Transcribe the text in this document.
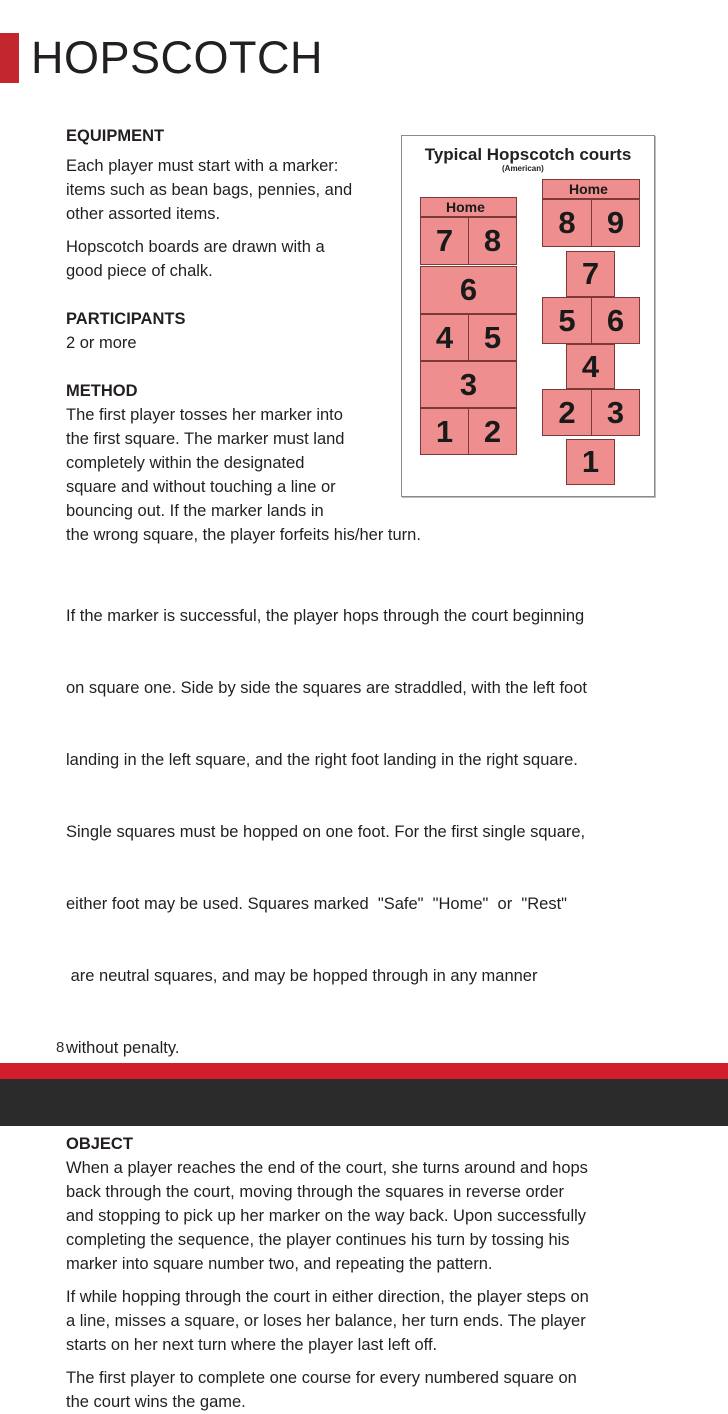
HOPSCOTCH

EQUIPMENT

Each player must start with a marker:
items such as bean bags, pennies, and
other assorted items.
Hopscotch boards are drawn with a
good piece of chalk.

PARTICIPANTS

2 or more

METHOD

The first player tosses her marker into
the first square. The marker must land
completely within the designated
square and without touching a line or
bouncing out. If the marker lands in
the wrong square, the player forfeits his/her turn.

If the marker is successful, the player hops through the court beginning

on square one. Side by side the squares are straddled, with the left foot

landing in the left square, and the right foot landing in the right square.

Single squares must be hopped on one foot. For the first single square,

either foot may be used. Squares marked  "Safe"  "Home"  or  "Rest"

are neutral squares, and may be hopped through in any manner

without penalty.

OBJECT

When a player reaches the end of the court, she turns around and hops
back through the court, moving through the squares in reverse order
and stopping to pick up her marker on the way back. Upon successfully
completing the sequence, the player continues his turn by tossing his
marker into square number two, and repeating the pattern.
If while hopping through the court in either direction, the player steps on
a line, misses a square, or loses her balance, her turn ends. The player
starts on her next turn where the player last left off.
The first player to complete one course for every numbered square on
the court wins the game.
Typical Hopscotch courts
(American)
Home
7 8
6
4 5
3
1 2
Home
8	9
7
5	6
4
2	3
1
8
